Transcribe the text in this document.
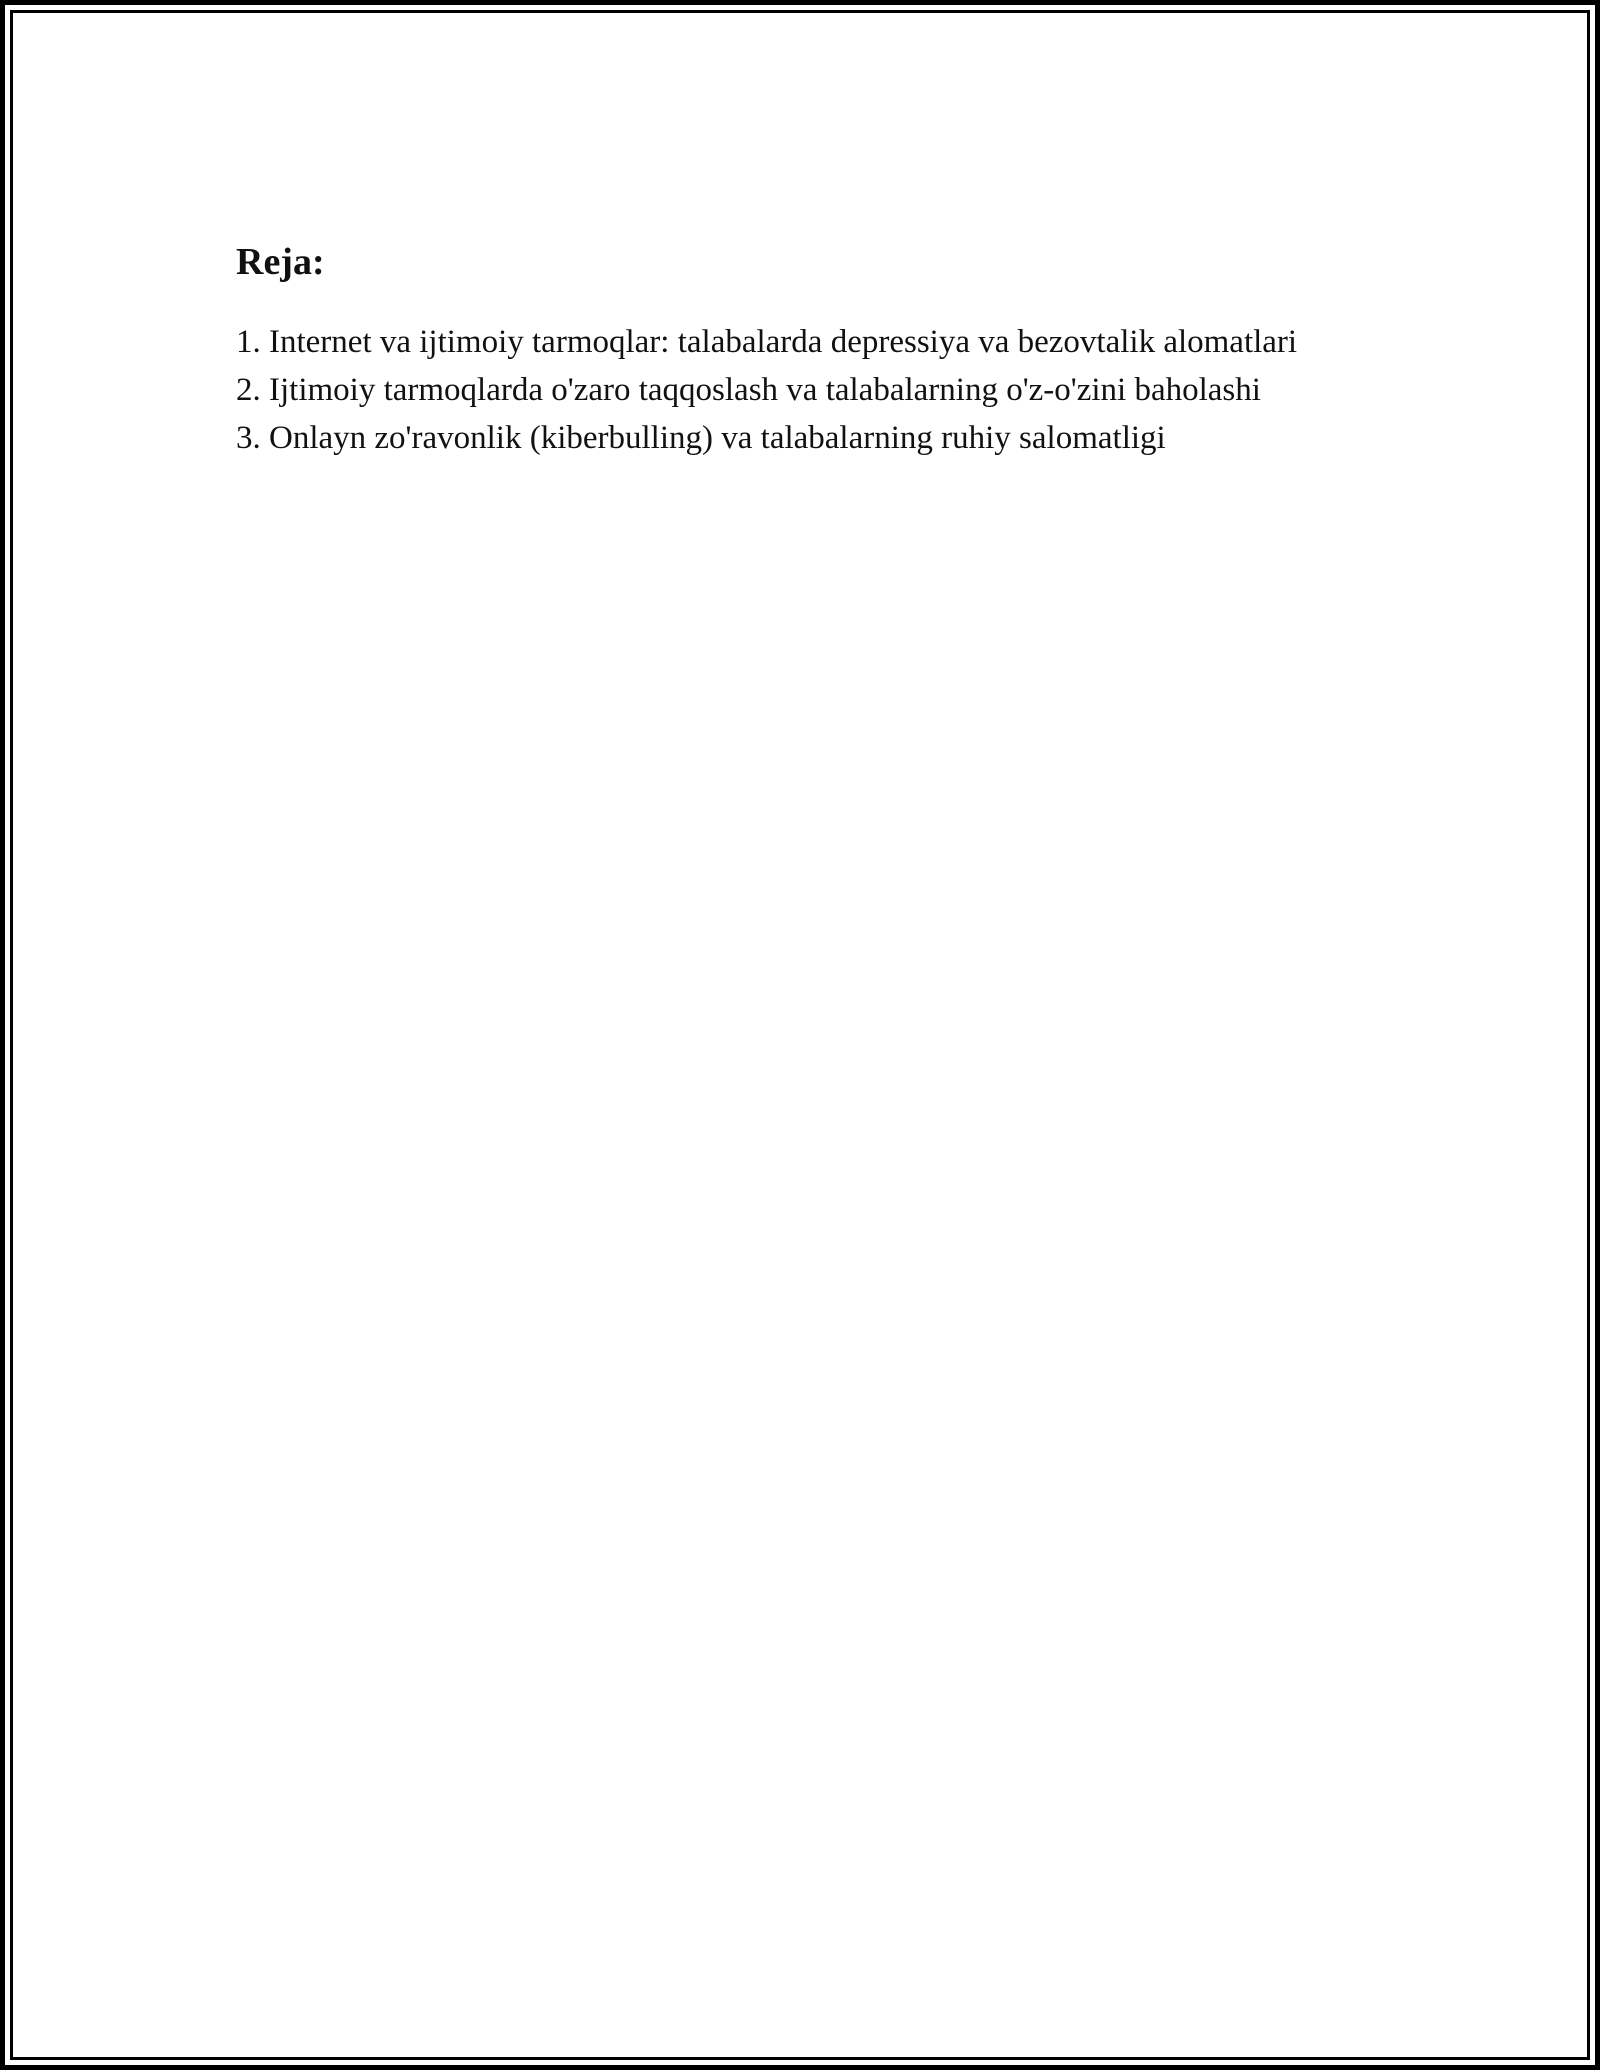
Reja:

1. Internet va ijtimoiy tarmoqlar: talabalarda depressiya va bezovtalik alomatlari

2. Ijtimoiy tarmoqlarda o'zaro taqqoslash va talabalarning o'z-o'zini baholashi

3. Onlayn zo'ravonlik (kiberbulling) va talabalarning ruhiy salomatligi
